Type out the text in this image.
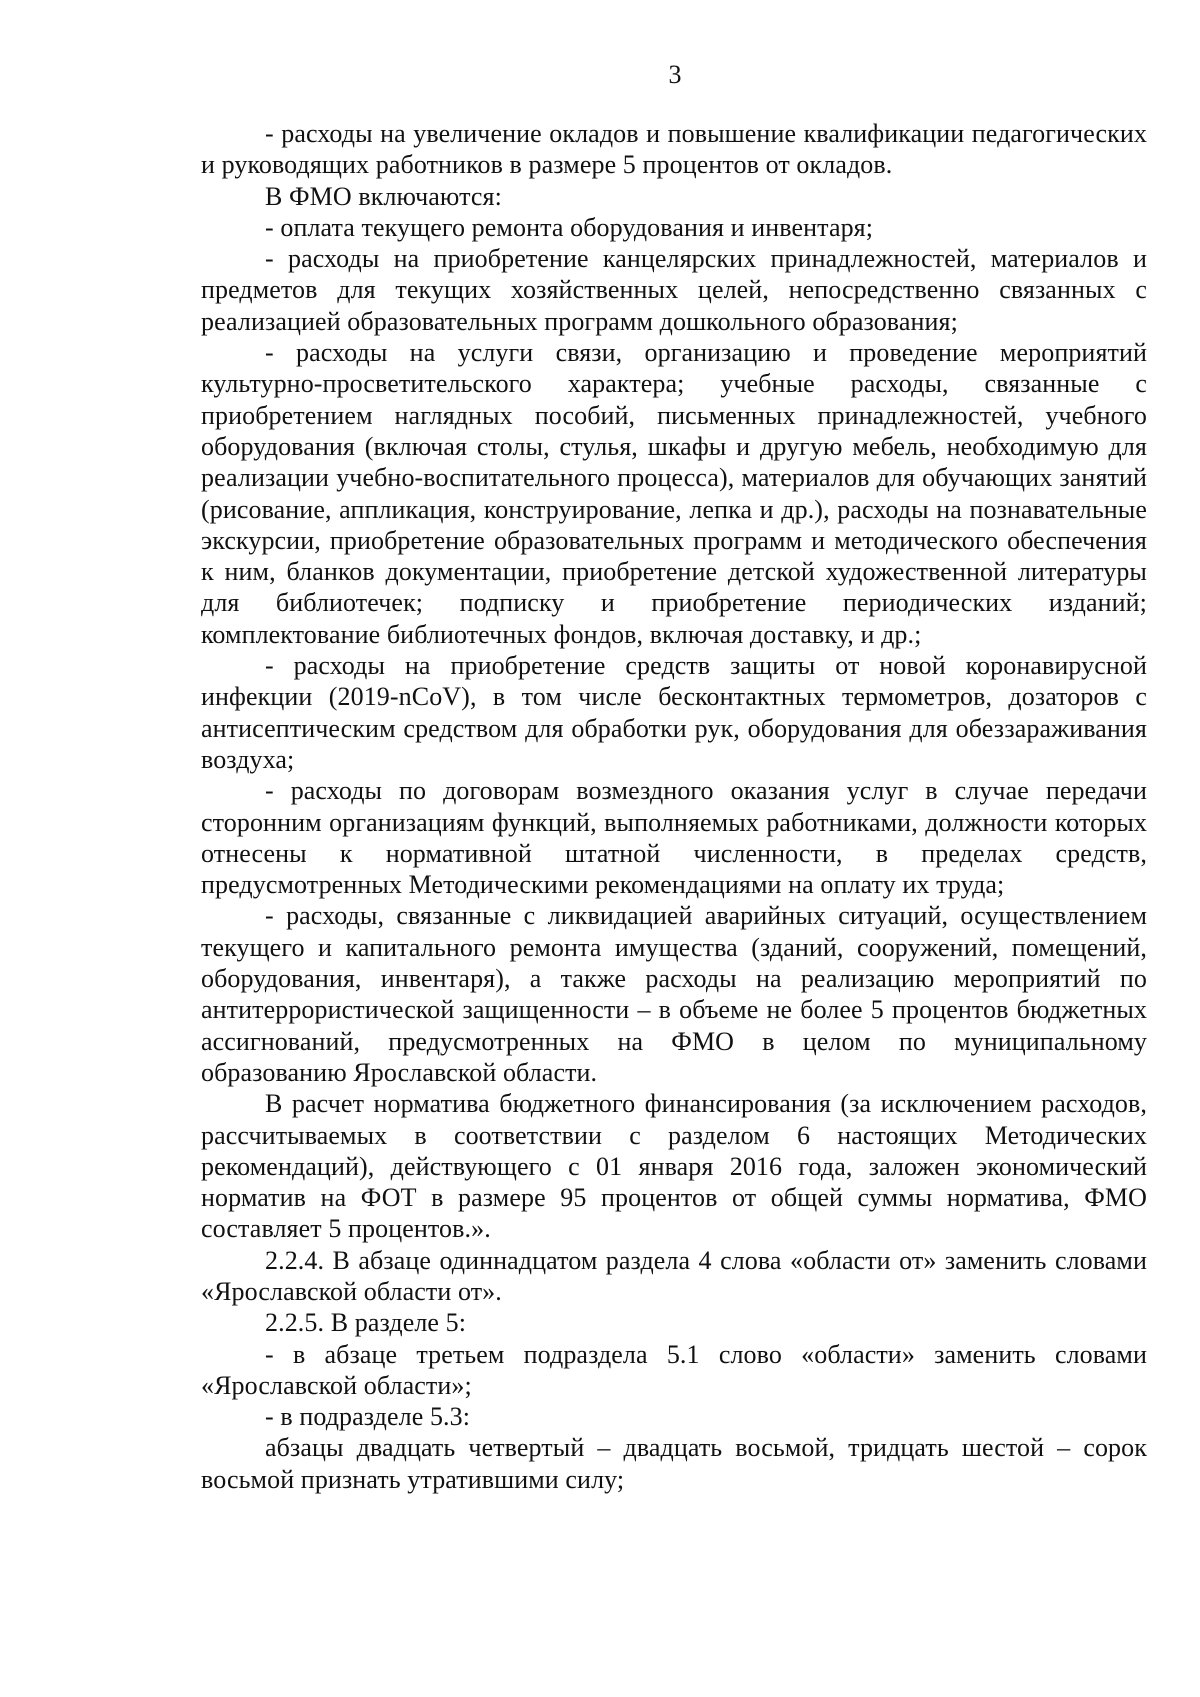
3

- расходы на увеличение окладов и повышение квалификации педагогических и руководящих работников в размере 5 процентов от окладов.

В ФМО включаются:

- оплата текущего ремонта оборудования и инвентаря;

- расходы на приобретение канцелярских принадлежностей, материалов и предметов для текущих хозяйственных целей, непосредственно связанных с реализацией образовательных программ дошкольного образования;

- расходы на услуги связи, организацию и проведение мероприятий культурно-просветительского характера; учебные расходы, связанные с приобретением наглядных пособий, письменных принадлежностей, учебного оборудования (включая столы, стулья, шкафы и другую мебель, необходимую для реализации учебно-воспитательного процесса), материалов для обучающих занятий (рисование, аппликация, конструирование, лепка и др.), расходы на познавательные экскурсии, приобретение образовательных программ и методического обеспечения к ним, бланков документации, приобретение детской художественной литературы для библиотечек; подписку и приобретение периодических изданий; комплектование библиотечных фондов, включая доставку, и др.;

- расходы на приобретение средств защиты от новой коронавирусной инфекции (2019-nCoV), в том числе бесконтактных термометров, дозаторов с антисептическим средством для обработки рук, оборудования для обеззараживания воздуха;

- расходы по договорам возмездного оказания услуг в случае передачи сторонним организациям функций, выполняемых работниками, должности которых отнесены к нормативной штатной численности, в пределах средств, предусмотренных Методическими рекомендациями на оплату их труда;

- расходы, связанные с ликвидацией аварийных ситуаций, осуществлением текущего и капитального ремонта имущества (зданий, сооружений, помещений, оборудования, инвентаря), а также расходы на реализацию мероприятий по антитеррористической защищенности – в объеме не более 5 процентов бюджетных ассигнований, предусмотренных на ФМО в целом по муниципальному образованию Ярославской области.

В расчет норматива бюджетного финансирования (за исключением расходов, рассчитываемых в соответствии с разделом 6 настоящих Методических рекомендаций), действующего с 01 января 2016 года, заложен экономический норматив на ФОТ в размере 95 процентов от общей суммы норматива, ФМО составляет 5 процентов.».

2.2.4. В абзаце одиннадцатом раздела 4 слова «области от» заменить словами «Ярославской области от».

2.2.5. В разделе 5:

- в абзаце третьем подраздела 5.1 слово «области» заменить словами «Ярославской области»;

- в подразделе 5.3:

абзацы двадцать четвертый – двадцать восьмой, тридцать шестой – сорок восьмой признать утратившими силу;
